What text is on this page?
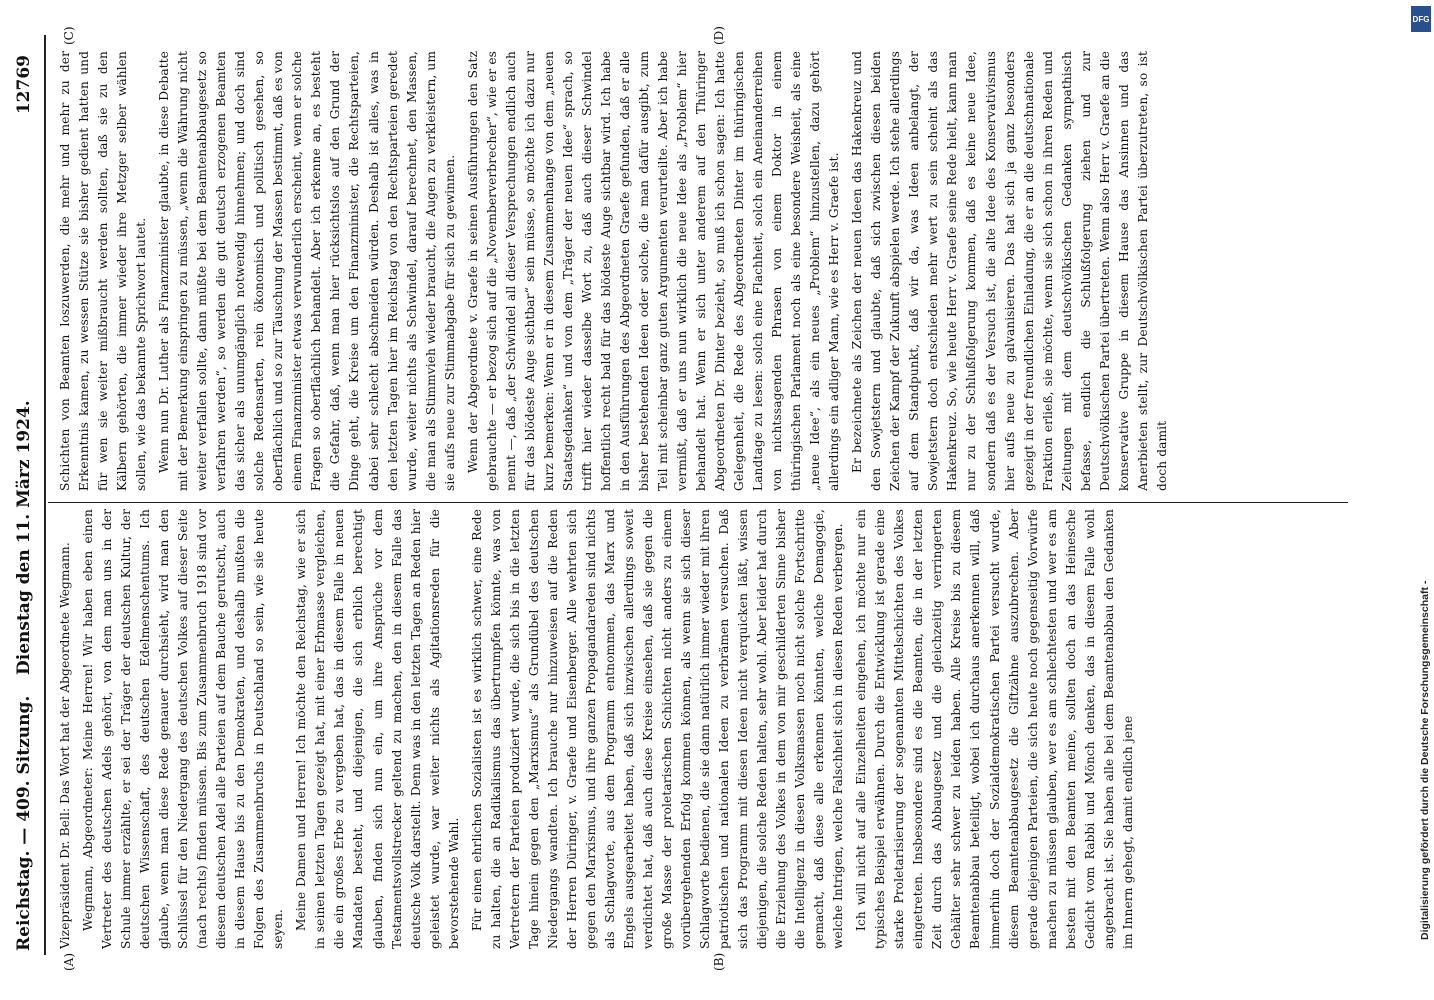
Reichstag. — 409. Sitzung.
Dienstag den 11. März 1924.
12769
(A)	(B)
(C)	(D)

Vizepräsident Dr. Bell: Das Wort hat der Abgeordnete Wegmann. Wegmann, Abgeordneter: Meine Herren! Wir haben eben einen Vertreter des deutschen Adels gehört, von dem man uns in der Schule immer erzählte, er sei der Träger der deutschen Kultur, der deutschen Wissenschaft, des deutschen Edelmenschentums. Ich glaube, wenn man diese Rede genauer durchsieht, wird man den Schlüssel für den Niedergang des deutschen Volkes auf dieser Seite (nach rechts) finden müssen. Bis zum Zusammenbruch 1918 sind vor diesem deutschen Adel alle Parteien auf dem Bauche gerutscht, auch in diesem Hause bis zu den Demokraten, und deshalb mußten die Folgen des Zusammenbruchs in Deutschland so sein, wie sie heute seyen. Meine Damen und Herren! Ich möchte den Reichstag, wie er sich in seinen letzten Tagen gezeigt hat, mit einer Erbmasse vergleichen, die ein großes Erbe zu vergeben hat, das in diesem Falle in neuen Mandaten besteht, und diejenigen, die sich erblich berechtigt glauben, finden sich nun ein, um ihre Ansprüche vor dem Testamentsvollstrecker geltend zu machen, den in diesem Falle das deutsche Volk darstellt. Denn was in den letzten Tagen an Reden hier geleistet wurde, war weiter nichts als Agitationsreden für die bevorstehende Wahl. Für einen ehrlichen Sozialisten ist es wirklich schwer, eine Rede zu halten, die an Radikalismus das übertrumpfen könnte, was von Vertretern der Parteien produziert wurde, die sich bis in die letzten Tage hinein gegen den „Marxismus“ als Grundübel des deutschen Niedergangs wandten. Ich brauche nur hinzuweisen auf die Reden der Herren Düringer, v. Graefe und Eisenberger. Alle wehrten sich gegen den Marxismus, und ihre ganzen Propagandareden sind nichts als Schlagworte, aus dem Programm entnommen, das Marx und Engels ausgearbeitet haben, daß sich inzwischen allerdings soweit verdichtet hat, daß auch diese Kreise einsehen, daß sie gegen die große Masse der proletarischen Schichten nicht anders zu einem vorübergehenden Erfolg kommen können, als wenn sie sich dieser Schlagworte bedienen, die sie dann natürlich immer wieder mit ihren patriotischen und nationalen Ideen zu verbrämen versuchen. Daß sich das Programm mit diesen Ideen nicht verquicken läßt, wissen diejenigen, die solche Reden halten, sehr wohl. Aber leider hat durch die Erziehung des Volkes in dem von mir geschilderten Sinne bisher die Intelligenz in diesen Volksmassen noch nicht solche Fortschritte gemacht, daß diese alle erkennen könnten, welche Demagogie, welche Intrigen, welche Falschheit sich in diesen Reden verbergen. Ich will nicht auf alle Einzelheiten eingehen, ich möchte nur ein typisches Beispiel erwähnen. Durch die Entwicklung ist gerade eine starke Proletarisierung der sogenannten Mittelschichten des Volkes eingetreten. Insbesondere sind es die Beamten, die in der letzten Zeit durch das Abbaugesetz und die gleichzeitig verringerten Gehälter sehr schwer zu leiden haben. Alle Kreise bis zu diesem Beamtenabbau beteiligt, wobei ich durchaus anerkennen will, daß immerhin doch der Sozialdemokratischen Partei versucht wurde, diesem Beamtenabbaugesetz die Giftzähne auszubrechen. Aber gerade diejenigen Parteien, die sich heute noch gegenseitig Vorwürfe machen zu müssen glauben, wer es am schlechtesten und wer es am besten mit den Beamten meine, sollten doch an das Heinesche Gedicht vom Rabbi und Mönch denken, das in diesem Falle wohl angebracht ist. Sie haben alle bei dem Beamtenabbau den Gedanken im Innern gehegt, damit endlich jene

Schichten von Beamten loszuwerden, die mehr und mehr zu der Erkenntnis kamen, zu wessen Stütze sie bisher gedient hatten und für wen sie weiter mißbraucht werden sollten, daß sie zu den Kälbern gehörten, die immer wieder ihre Metzger selber wählen sollen, wie das bekannte Sprichwort lautet. Wenn nun Dr. Luther als Finanzminister glaubte, in diese Debatte mit der Bemerkung einspringen zu müssen, „wenn die Währung nicht weiter verfallen sollte, dann müßte bei dem Beamtenabbaugesetz so verfahren werden“, so werden die gut deutsch erzogenen Beamten das sicher als unumgänglich notwendig hinnehmen; und doch sind solche Redensarten, rein ökonomisch und politisch gesehen, so oberflächlich und so zur Täuschung der Massen bestimmt, daß es von einem Finanzminister etwas verwunderlich erscheint, wenn er solche Fragen so oberflächlich behandelt. Aber ich erkenne an, es besteht die Gefahr, daß, wenn man hier rücksichtslos auf den Grund der Dinge geht, die Kreise um den Finanzminister, die Rechtsparteien, dabei sehr schlecht abschneiden würden. Deshalb ist alles, was in den letzten Tagen hier im Reichstag von den Rechtsparteien geredet wurde, weiter nichts als Schwindel, darauf berechnet, den Massen, die man als Stimmvieh wieder braucht, die Augen zu verkleistern, um sie aufs neue zur Stimmabgabe für sich zu gewinnen. Wenn der Abgeordnete v. Graefe in seinen Ausführungen den Satz gebrauchte — er bezog sich auf die „Novemberverbrecher“, wie er es nennt —, daß „der Schwindel all dieser Versprechungen endlich auch für das blödeste Auge sichtbar“ sein müsse, so möchte ich dazu nur kurz bemerken: Wenn er in diesem Zusammenhange von dem „neuen Staatsgedanken“ und von dem „Träger der neuen Idee“ sprach, so trifft hier wieder dasselbe Wort zu, daß auch dieser Schwindel hoffentlich recht bald für das blödeste Auge sichtbar wird. Ich habe in den Ausführungen des Abgeordneten Graefe gefunden, daß er alle bisher bestehenden Ideen oder solche, die man dafür ausgibt, zum Teil mit scheinbar ganz guten Argumenten verurteilte. Aber ich habe vermißt, daß er uns nun wirklich die neue Idee als „Problem“ hier behandelt hat. Wenn er sich unter anderem auf den Thüringer Abgeordneten Dr. Dinter bezieht, so muß ich schon sagen: Ich hatte Gelegenheit, die Rede des Abgeordneten Dinter im thüringischen Landtage zu lesen: solch eine Flachheit, solch ein Aneinanderreihen von nichtssagenden Phrasen von einem Doktor in einem thüringischen Parlament noch als eine besondere Weisheit, als eine „neue Idee“, als ein neues „Problem“ hinzustellen, dazu gehört allerdings ein adliger Mann, wie es Herr v. Graefe ist. Er bezeichnete als Zeichen der neuen Ideen das Hakenkreuz und den Sowjetstern und glaubte, daß sich zwischen diesen beiden Zeichen der Kampf der Zukunft abspielen werde. Ich stehe allerdings auf dem Standpunkt, daß wir da, was Ideen anbelangt, der Sowjetstern doch entschieden mehr wert zu sein scheint als das Hakenkreuz. So, wie heute Herr v. Graefe seine Rede hielt, kann man nur zu der Schlußfolgerung kommen, daß es keine neue Idee, sondern daß es der Versuch ist, die alte Idee des Konservativismus hier aufs neue zu galvanisieren. Das hat sich ja ganz besonders gezeigt in der freundlichen Einladung, die er an die deutschnationale Fraktion erließ, sie möchte, wenn sie sich schon in ihren Reden und Zeitungen mit dem deutschvölkischen Gedanken sympathisch befasse, endlich die Schlußfolgerung ziehen und zur Deutschvölkischen Partei übertreten. Wenn also Herr v. Graefe an die konservative Gruppe in diesem Hause das Ansinnen und das Anerbieten stellt, zur Deutschvölkischen Partei überzutreten, so ist doch damit

DFG
Digitalisierung gefördert durch die Deutsche Forschungsgemeinschaft -
